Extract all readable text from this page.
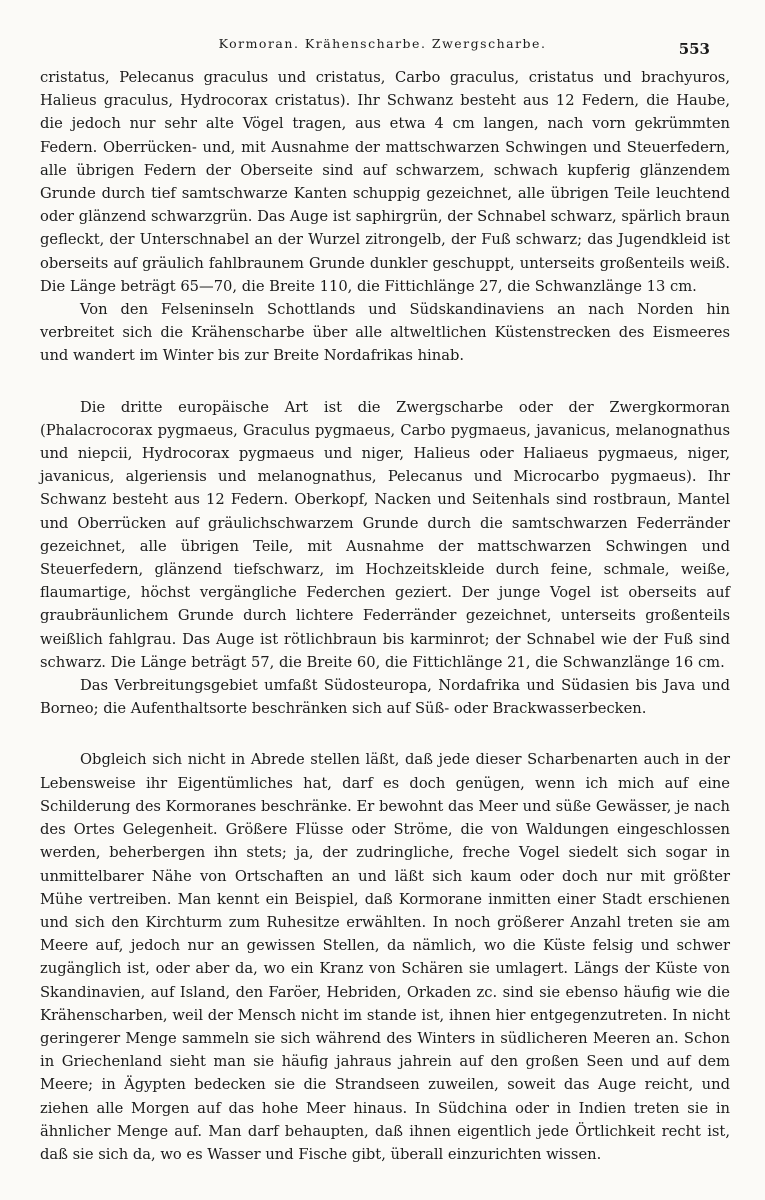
Kormoran. Krähenscharbe. Zwergscharbe.	553

cristatus, Pelecanus graculus und cristatus, Carbo graculus, cristatus und brachyuros, Halieus graculus, Hydrocorax cristatus). Ihr Schwanz besteht aus 12 Federn, die Haube, die jedoch nur sehr alte Vögel tragen, aus etwa 4 cm langen, nach vorn gekrümmten Federn. Oberrücken- und, mit Ausnahme der mattschwarzen Schwingen und Steuerfedern, alle übrigen Federn der Oberseite sind auf schwarzem, schwach kupferig glänzendem Grunde durch tief samtschwarze Kanten schuppig gezeichnet, alle übrigen Teile leuchtend oder glänzend schwarzgrün. Das Auge ist saphirgrün, der Schnabel schwarz, spärlich braun gefleckt, der Unterschnabel an der Wurzel zitrongelb, der Fuß schwarz; das Jugendkleid ist oberseits auf gräulich fahlbraunem Grunde dunkler geschuppt, unterseits großenteils weiß. Die Länge beträgt 65—70, die Breite 110, die Fittichlänge 27, die Schwanzlänge 13 cm.

Von den Felseninseln Schottlands und Südskandinaviens an nach Norden hin verbreitet sich die Krähenscharbe über alle altweltlichen Küstenstrecken des Eismeeres und wandert im Winter bis zur Breite Nordafrikas hinab.

Die dritte europäische Art ist die Zwergscharbe oder der Zwergkormoran (Phalacrocorax pygmaeus, Graculus pygmaeus, Carbo pygmaeus, javanicus, melanognathus und niepcii, Hydrocorax pygmaeus und niger, Halieus oder Haliaeus pygmaeus, niger, javanicus, algeriensis und melanognathus, Pelecanus und Microcarbo pygmaeus). Ihr Schwanz besteht aus 12 Federn. Oberkopf, Nacken und Seitenhals sind rostbraun, Mantel und Oberrücken auf gräulichschwarzem Grunde durch die samtschwarzen Federränder gezeichnet, alle übrigen Teile, mit Ausnahme der mattschwarzen Schwingen und Steuerfedern, glänzend tiefschwarz, im Hochzeitskleide durch feine, schmale, weiße, flaumartige, höchst vergängliche Federchen geziert. Der junge Vogel ist oberseits auf graubräunlichem Grunde durch lichtere Federränder gezeichnet, unterseits großenteils weißlich fahlgrau. Das Auge ist rötlichbraun bis karminrot; der Schnabel wie der Fuß sind schwarz. Die Länge beträgt 57, die Breite 60, die Fittichlänge 21, die Schwanzlänge 16 cm.

Das Verbreitungsgebiet umfaßt Südosteuropa, Nordafrika und Südasien bis Java und Borneo; die Aufenthaltsorte beschränken sich auf Süß- oder Brackwasserbecken.

Obgleich sich nicht in Abrede stellen läßt, daß jede dieser Scharbenarten auch in der Lebensweise ihr Eigentümliches hat, darf es doch genügen, wenn ich mich auf eine Schilderung des Kormoranes beschränke. Er bewohnt das Meer und süße Gewässer, je nach des Ortes Gelegenheit. Größere Flüsse oder Ströme, die von Waldungen eingeschlossen werden, beherbergen ihn stets; ja, der zudringliche, freche Vogel siedelt sich sogar in unmittelbarer Nähe von Ortschaften an und läßt sich kaum oder doch nur mit größter Mühe vertreiben. Man kennt ein Beispiel, daß Kormorane inmitten einer Stadt erschienen und sich den Kirchturm zum Ruhesitze erwählten. In noch größerer Anzahl treten sie am Meere auf, jedoch nur an gewissen Stellen, da nämlich, wo die Küste felsig und schwer zugänglich ist, oder aber da, wo ein Kranz von Schären sie umlagert. Längs der Küste von Skandinavien, auf Island, den Faröer, Hebriden, Orkaden zc. sind sie ebenso häufig wie die Krähenscharben, weil der Mensch nicht im stande ist, ihnen hier entgegenzutreten. In nicht geringerer Menge sammeln sie sich während des Winters in südlicheren Meeren an. Schon in Griechenland sieht man sie häufig jahraus jahrein auf den großen Seen und auf dem Meere; in Ägypten bedecken sie die Strandseen zuweilen, soweit das Auge reicht, und ziehen alle Morgen auf das hohe Meer hinaus. In Südchina oder in Indien treten sie in ähnlicher Menge auf. Man darf behaupten, daß ihnen eigentlich jede Örtlichkeit recht ist, daß sie sich da, wo es Wasser und Fische gibt, überall einzurichten wissen.
